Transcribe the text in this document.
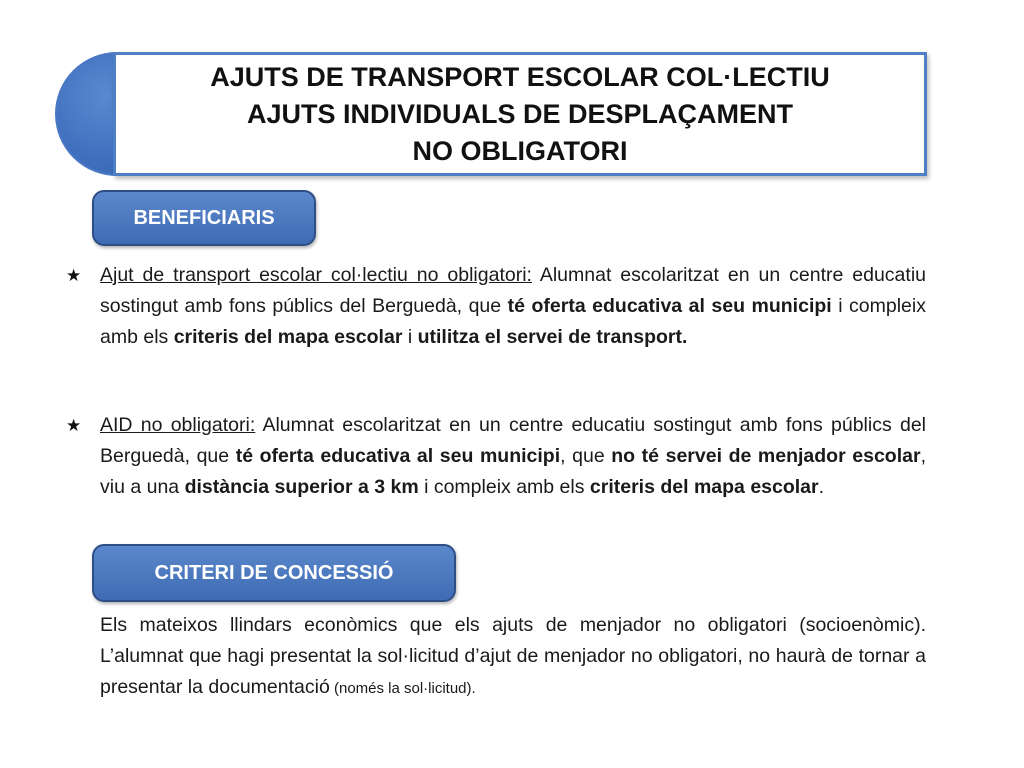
AJUTS DE TRANSPORT ESCOLAR COL·LECTIU
AJUTS INDIVIDUALS DE DESPLAÇAMENT
NO OBLIGATORI
BENEFICIARIS
★ Ajut de transport escolar col·lectiu no obligatori: Alumnat escolaritzat en un centre educatiu sostingut amb fons públics del Berguedà, que té oferta educativa al seu municipi i compleix amb els criteris del mapa escolar i utilitza el servei de transport.
★ AID no obligatori: Alumnat escolaritzat en un centre educatiu sostingut amb fons públics del Berguedà, que té oferta educativa al seu municipi, que no té servei de menjador escolar, viu a una distància superior a 3 km i compleix amb els criteris del mapa escolar.
CRITERI DE CONCESSIÓ
Els mateixos llindars econòmics que els ajuts de menjador no obligatori (socioenòmic). L’alumnat que hagi presentat la sol·licitud d’ajut de menjador no obligatori, no haurà de tornar a presentar la documentació (només la sol·licitud).
